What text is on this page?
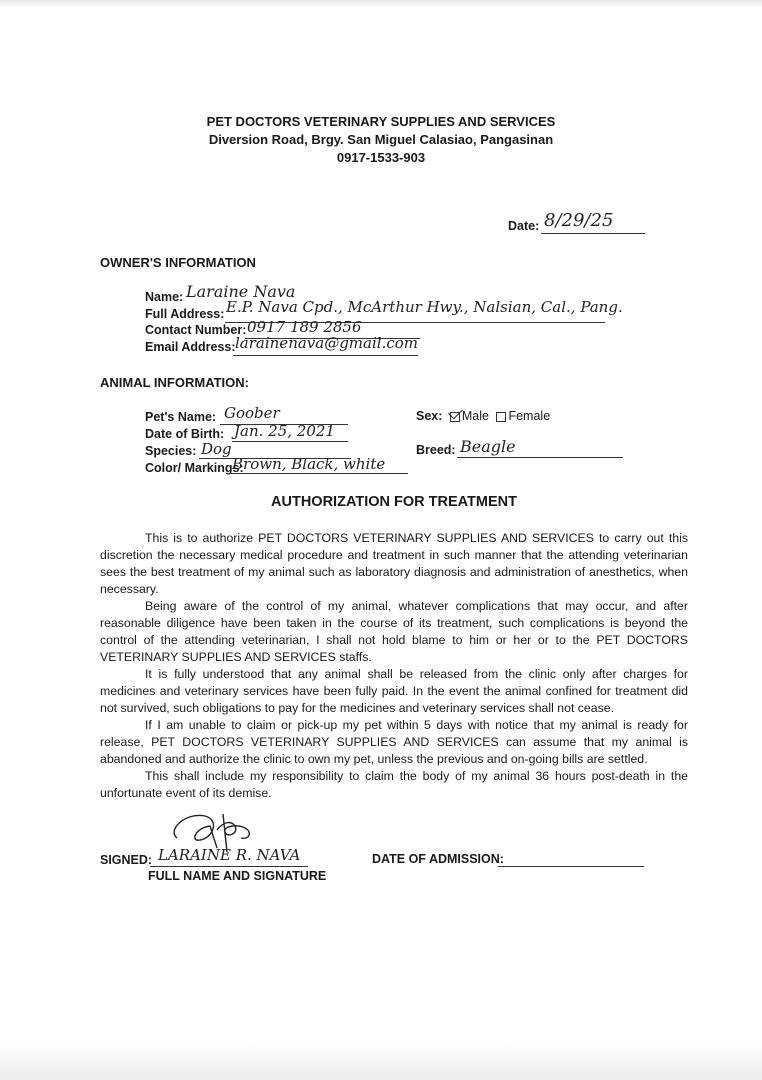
PET DOCTORS VETERINARY SUPPLIES AND SERVICES
Diversion Road, Brgy. San Miguel Calasiao, Pangasinan
0917-1533-903
Date: 8/29/25
OWNER'S INFORMATION
Name: Laraine Nava
Full Address: E.P. Nava Cpd., McArthur Hwy., Nalsian, Cal., Pang.
Contact Number: 0917 189 2856
Email Address: larainenava@gmail.com
ANIMAL INFORMATION:
Pet's Name: Goober
Date of Birth: Jan. 25, 2021
Species: Dog
Color/ Markings:
Brown, Black, white
Sex: Male Female
Breed: Beagle
AUTHORIZATION FOR TREATMENT

This is to authorize PET DOCTORS VETERINARY SUPPLIES AND SERVICES to carry out this discretion the necessary medical procedure and treatment in such manner that the attending veterinarian sees the best treatment of my animal such as laboratory diagnosis and administration of anesthetics, when necessary.

Being aware of the control of my animal, whatever complications that may occur, and after reasonable diligence have been taken in the course of its treatment, such complications is beyond the control of the attending veterinarian, I shall not hold blame to him or her or to the PET DOCTORS VETERINARY SUPPLIES AND SERVICES staffs.

It is fully understood that any animal shall be released from the clinic only after charges for medicines and veterinary services have been fully paid. In the event the animal confined for treatment did not survived, such obligations to pay for the medicines and veterinary services shall not cease.

If I am unable to claim or pick-up my pet within 5 days with notice that my animal is ready for release, PET DOCTORS VETERINARY SUPPLIES AND SERVICES can assume that my animal is abandoned and authorize the clinic to own my pet, unless the previous and on-going bills are settled.

This shall include my responsibility to claim the body of my animal 36 hours post-death in the unfortunate event of its demise.

SIGNED: LARAINE R. NAVA
FULL NAME AND SIGNATURE
DATE OF ADMISSION:
